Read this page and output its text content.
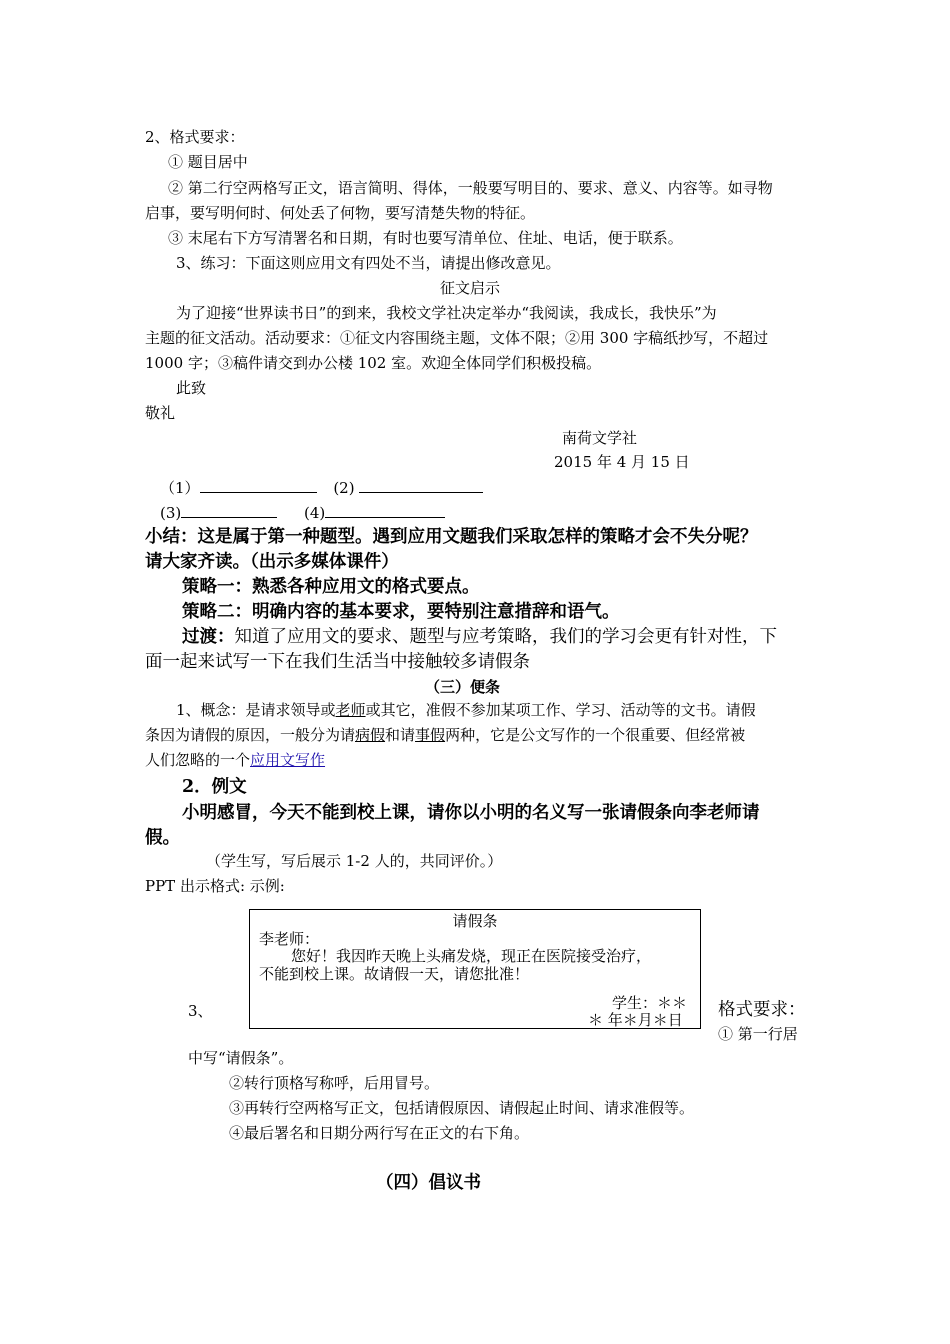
2、格式要求：
① 题目居中
② 第二行空两格写正文，语言简明、得体，一般要写明目的、要求、意义、内容等。如寻物
启事，要写明何时、何处丢了何物，要写清楚失物的特征。
③ 末尾右下方写清署名和日期，有时也要写清单位、住址、电话，便于联系。
3、练习：下面这则应用文有四处不当，请提出修改意见。
征文启示
为了迎接“世界读书日”的到来，我校文学社决定举办“我阅读，我成长，我快乐”为
主题的征文活动。活动要求：①征文内容围绕主题，文体不限；②用 300 字稿纸抄写，不超过
1000 字；③稿件请交到办公楼 102 室。欢迎全体同学们积极投稿。
此致
敬礼
南荷文学社
2015 年 4 月 15 日
（1）	(2)
(3)	(4)
小结：这是属于第一种题型。遇到应用文题我们采取怎样的策略才会不失分呢？
请大家齐读。（出示多媒体课件）
策略一：熟悉各种应用文的格式要点。
策略二：明确内容的基本要求，要特别注意措辞和语气。
过渡：知道了应用文的要求、题型与应考策略，我们的学习会更有针对性，下
面一起来试写一下在我们生活当中接触较多请假条
（三）便条
1、概念：是请求领导或老师或其它，准假不参加某项工作、学习、活动等的文书。请假
条因为请假的原因，一般分为请病假和请事假两种，它是公文写作的一个很重要、但经常被
人们忽略的一个应用文写作
2．例文
小明感冒，今天不能到校上课，请你以小明的名义写一张请假条向李老师请
假。
（学生写，写后展示 1-2 人的，共同评价。）
PPT 出示格式: 示例:
请假条
李老师：
您好！我因昨天晚上头痛发烧，现正在医院接受治疗，
不能到校上课。故请假一天，请您批准！
学生：＊＊
＊ 年＊月＊日
3、	格式要求：
① 第一行居
中写“请假条”。
②转行顶格写称呼，后用冒号。
③再转行空两格写正文，包括请假原因、请假起止时间、请求准假等。
④最后署名和日期分两行写在正文的右下角。
（四）倡议书
